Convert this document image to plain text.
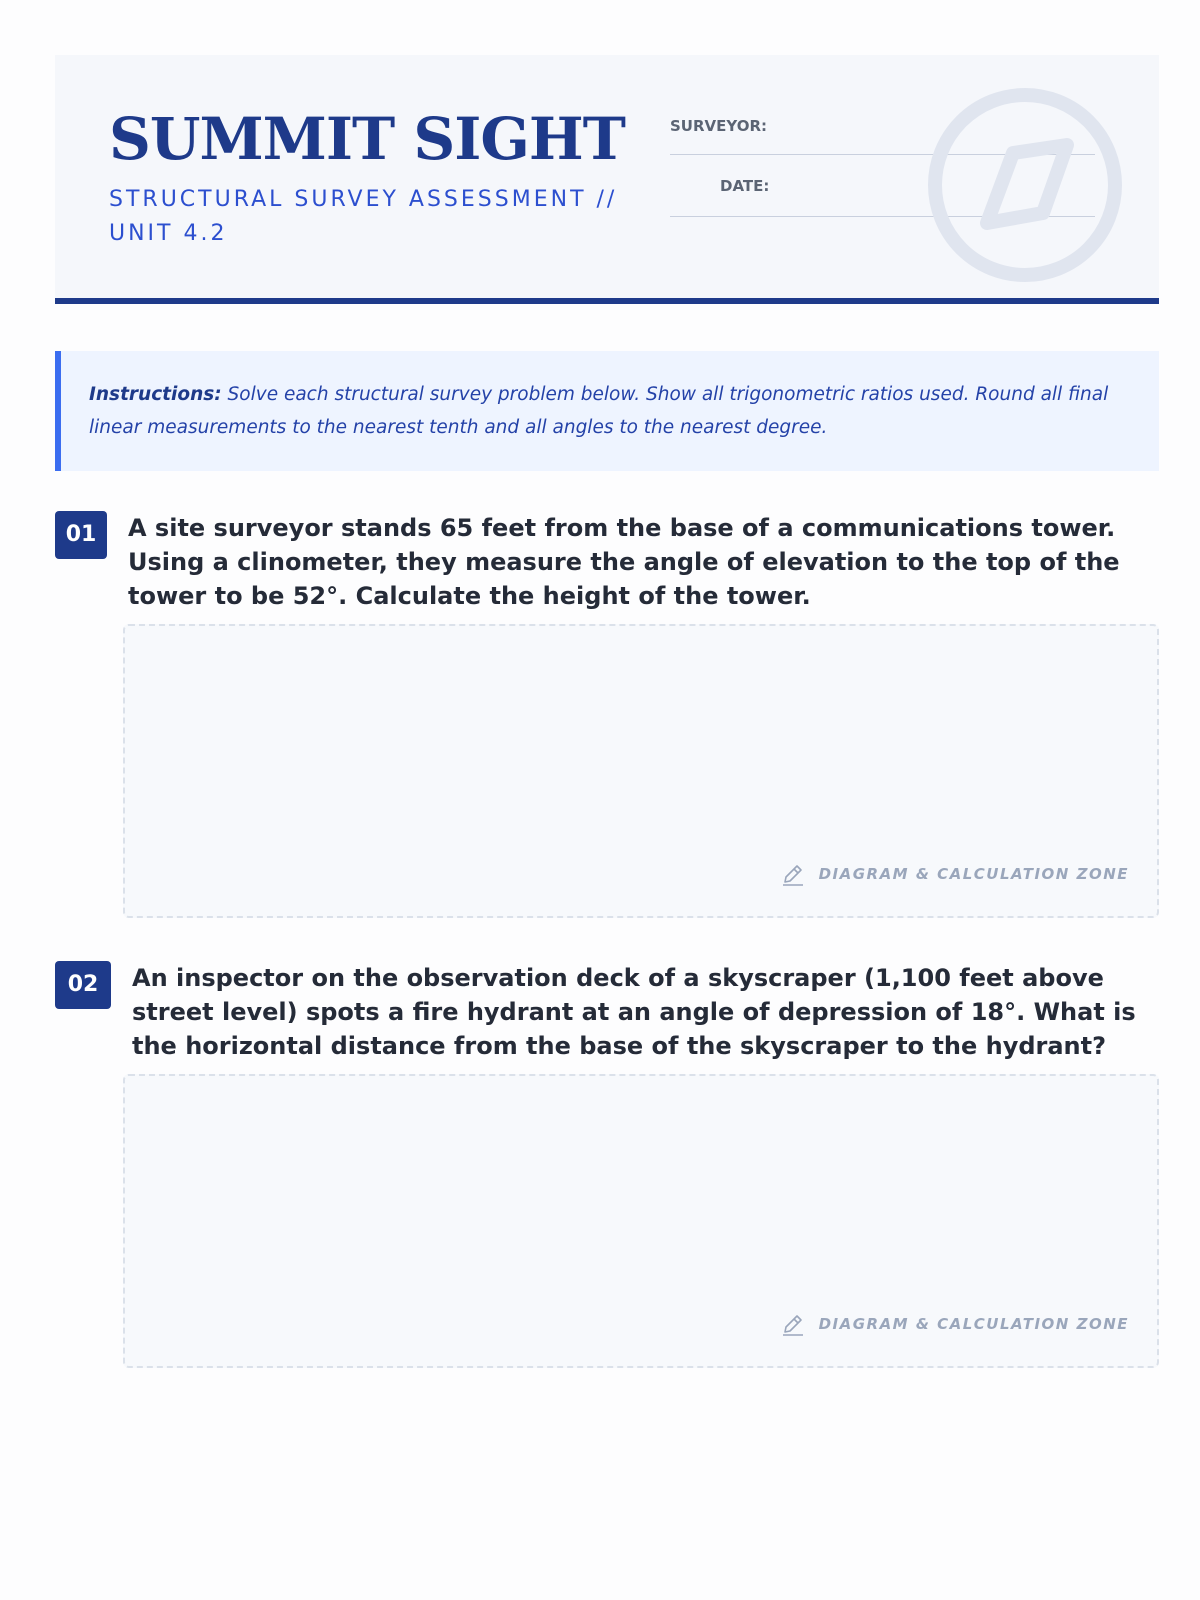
SUMMIT SIGHT
STRUCTURAL SURVEY ASSESSMENT // UNIT 4.2
SURVEYOR:
DATE:
Instructions: Solve each structural survey problem below. Show all trigonometric ratios used. Round all final linear measurements to the nearest tenth and all angles to the nearest degree.
01	A site surveyor stands 65 feet from the base of a communications tower. Using a clinometer, they measure the angle of elevation to the top of the tower to be 52°. Calculate the height of the tower.
DIAGRAM & CALCULATION ZONE
02	An inspector on the observation deck of a skyscraper (1,100 feet above street level) spots a fire hydrant at an angle of depression of 18°. What is the horizontal distance from the base of the skyscraper to the hydrant?
DIAGRAM & CALCULATION ZONE
